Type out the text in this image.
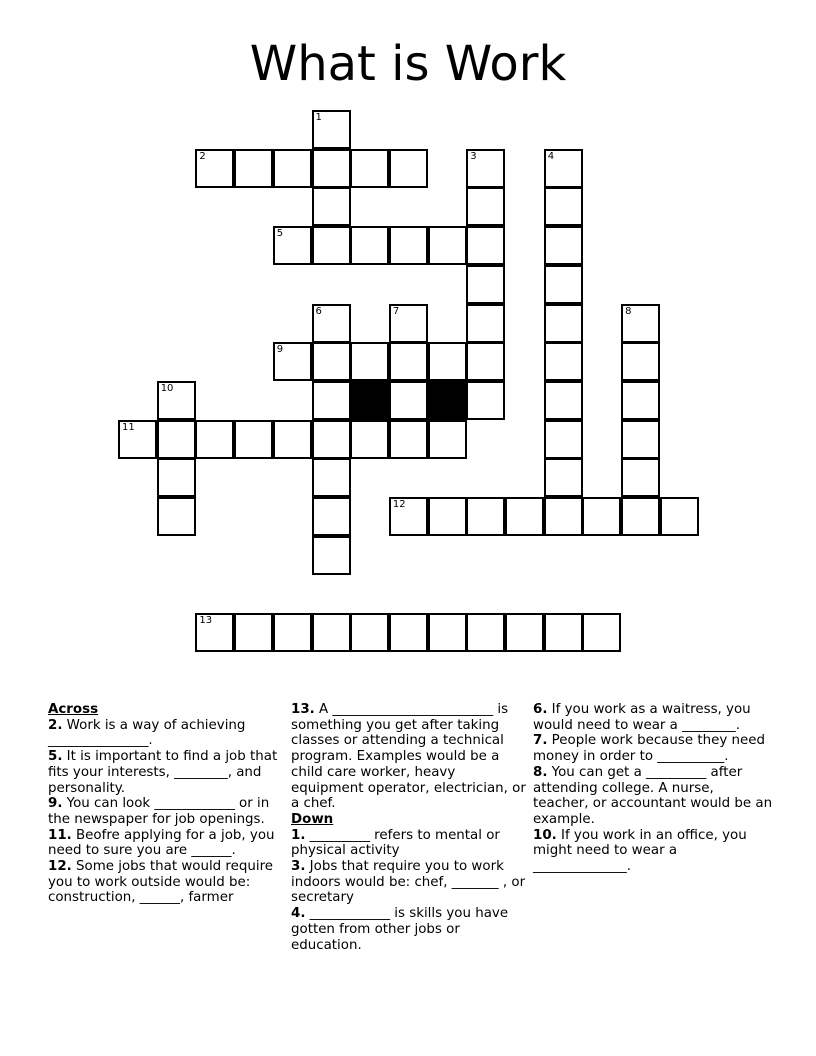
What is Work
1
2	3	4
5
6	7	8
9
10
11
12
13
Across
2. Work is a way of achieving _______________.
5. It is important to find a job that fits your interests, ________, and personality.
9. You can look ____________ or in the newspaper for job openings.
11. Beofre applying for a job, you need to sure you are ______.
12. Some jobs that would require you to work outside would be: construction, ______, farmer
13. A ________________________ is something you get after taking classes or attending a technical program. Examples would be a child care worker, heavy equipment operator, electrician, or a chef.
Down
1. _________ refers to mental or physical activity
3. Jobs that require you to work indoors would be: chef, _______ , or secretary
4. ____________ is skills you have gotten from other jobs or education.
6. If you work as a waitress, you would need to wear a ________.
7. People work because they need money in order to __________.
8. You can get a _________ after attending college. A nurse, teacher, or accountant would be an example.
10. If you work in an office, you might need to wear a ______________.
